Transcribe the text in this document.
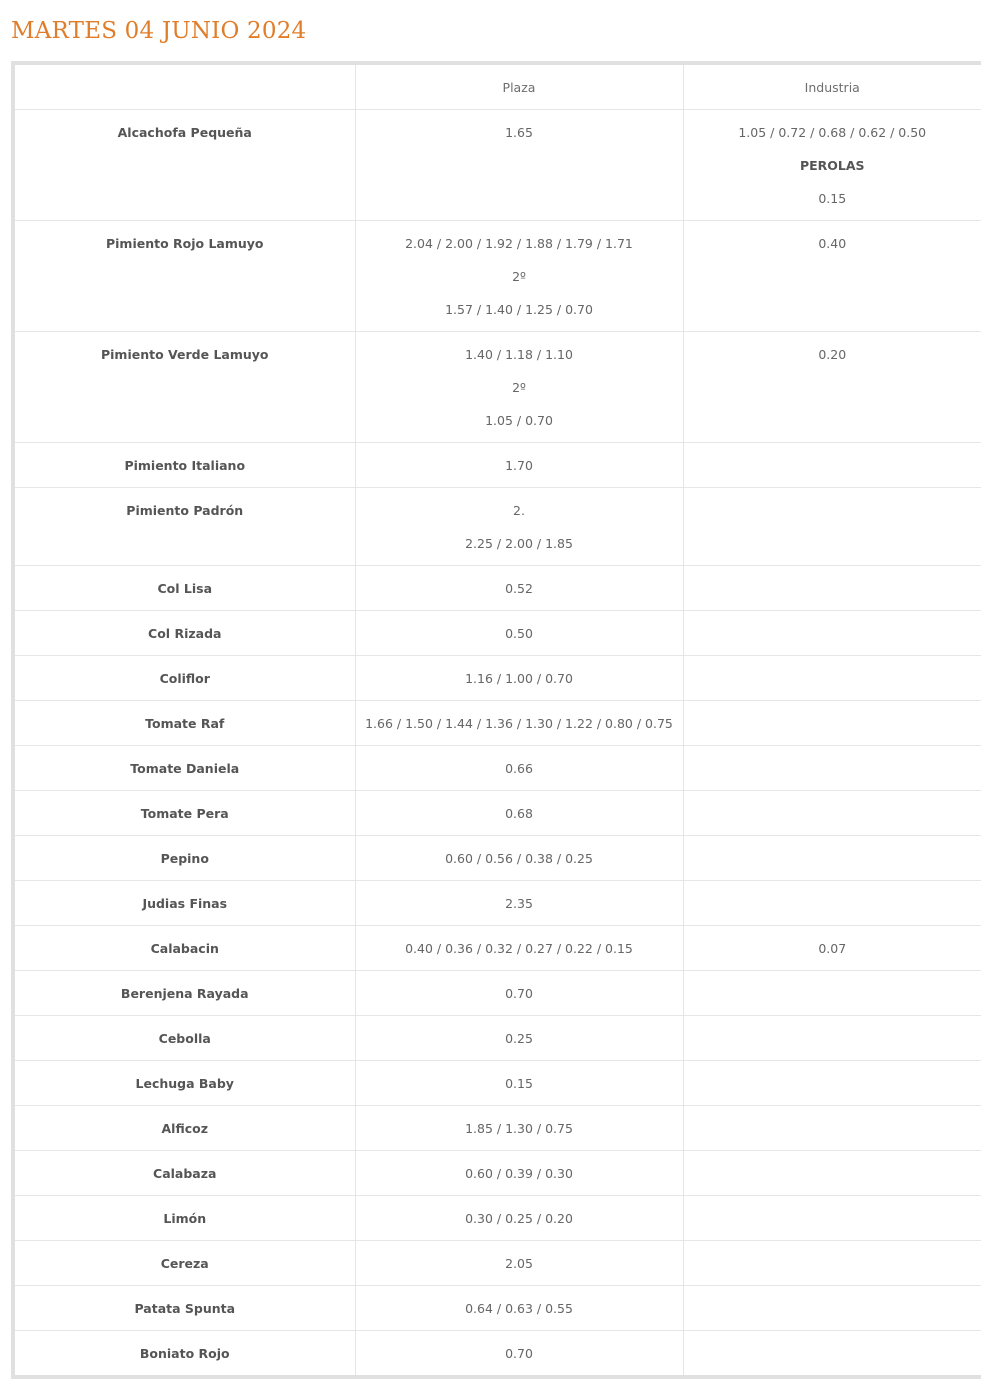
MARTES 04 JUNIO 2024
	Plaza	Industria
Alcachofa Pequeña	1.65	1.05 / 0.72 / 0.68 / 0.62 / 0.50
PEROLAS
0.15

Pimiento Rojo Lamuyo	2.04 / 2.00 / 1.92 / 1.88 / 1.79 / 1.71
2º
1.57 / 1.40 / 1.25 / 0.70	0.40

Pimiento Verde Lamuyo	1.40 / 1.18 / 1.10
2º
1.05 / 0.70	0.20

Pimiento Italiano	1.70	

Pimiento Padrón	2.
2.25 / 2.00 / 1.85	

Col Lisa	0.52	

Col Rizada	0.50	

Coliflor	1.16 / 1.00 / 0.70	

Tomate Raf	1.66 / 1.50 / 1.44 / 1.36 / 1.30 / 1.22 / 0.80 / 0.75	

Tomate Daniela	0.66	

Tomate Pera	0.68	

Pepino	0.60 / 0.56 / 0.38 / 0.25	

Judias Finas	2.35	

Calabacin	0.40 / 0.36 / 0.32 / 0.27 / 0.22 / 0.15	0.07

Berenjena Rayada	0.70	

Cebolla	0.25	

Lechuga Baby	0.15	

Alficoz	1.85 / 1.30 / 0.75	

Calabaza	0.60 / 0.39 / 0.30	

Limón	0.30 / 0.25 / 0.20	

Cereza	2.05	

Patata Spunta	0.64 / 0.63 / 0.55	

Boniato Rojo	0.70	
